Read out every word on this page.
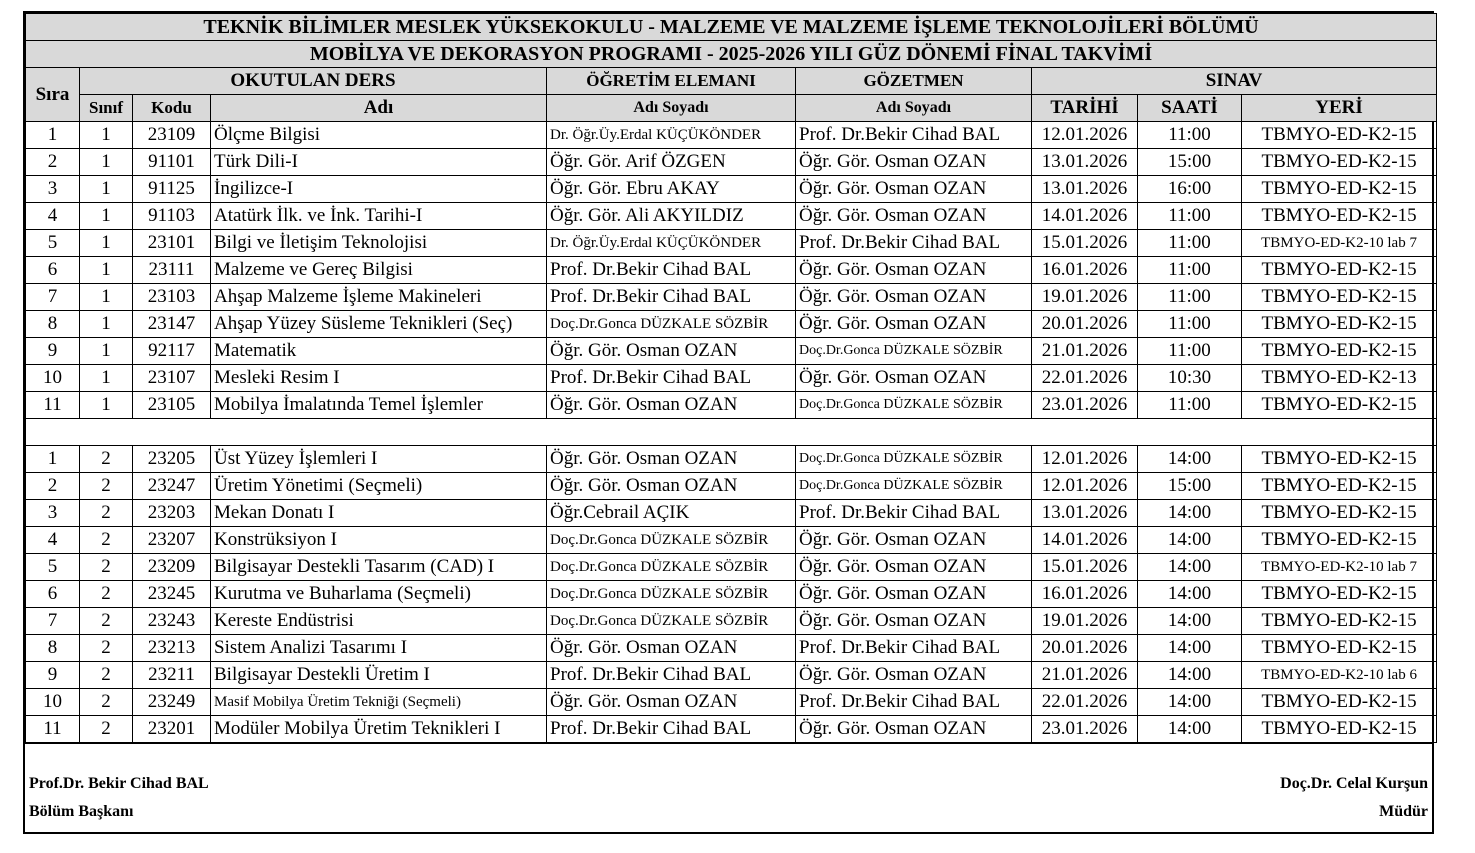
TEKNİK BİLİMLER MESLEK YÜKSEKOKULU - MALZEME VE MALZEME İŞLEME TEKNOLOJİLERİ BÖLÜMÜ								
MOBİLYA VE DEKORASYON PROGRAMI - 2025-2026 YILI GÜZ DÖNEMİ FİNAL TAKVİMİ								
Sıra	OKUTULAN DERS			ÖĞRETİM ELEMANI	GÖZETMEN	SINAV		
	Sınıf	Kodu	Adı	Adı Soyadı	Adı Soyadı	TARİHİ	SAATİ	YERİ
1	1	23109	Ölçme Bilgisi	Dr. Öğr.Üy.Erdal KÜÇÜKÖNDER	Prof. Dr.Bekir Cihad BAL	12.01.2026	11:00	TBMYO-ED-K2-15
2	1	91101	Türk Dili-I	Öğr. Gör. Arif ÖZGEN	Öğr. Gör. Osman OZAN	13.01.2026	15:00	TBMYO-ED-K2-15
3	1	91125	İngilizce-I	Öğr. Gör. Ebru AKAY	Öğr. Gör. Osman OZAN	13.01.2026	16:00	TBMYO-ED-K2-15
4	1	91103	Atatürk İlk. ve İnk. Tarihi-I	Öğr. Gör. Ali AKYILDIZ	Öğr. Gör. Osman OZAN	14.01.2026	11:00	TBMYO-ED-K2-15
5	1	23101	Bilgi ve İletişim Teknolojisi	Dr. Öğr.Üy.Erdal KÜÇÜKÖNDER	Prof. Dr.Bekir Cihad BAL	15.01.2026	11:00	TBMYO-ED-K2-10 lab 7
6	1	23111	Malzeme ve Gereç Bilgisi	Prof. Dr.Bekir Cihad BAL	Öğr. Gör. Osman OZAN	16.01.2026	11:00	TBMYO-ED-K2-15
7	1	23103	Ahşap Malzeme İşleme Makineleri	Prof. Dr.Bekir Cihad BAL	Öğr. Gör. Osman OZAN	19.01.2026	11:00	TBMYO-ED-K2-15
8	1	23147	Ahşap Yüzey Süsleme Teknikleri (Seç)	Doç.Dr.Gonca DÜZKALE SÖZBİR	Öğr. Gör. Osman OZAN	20.01.2026	11:00	TBMYO-ED-K2-15
9	1	92117	Matematik	Öğr. Gör. Osman OZAN	Doç.Dr.Gonca DÜZKALE SÖZBİR	21.01.2026	11:00	TBMYO-ED-K2-15
10	1	23107	Mesleki Resim I	Prof. Dr.Bekir Cihad BAL	Öğr. Gör. Osman OZAN	22.01.2026	10:30	TBMYO-ED-K2-13
11	1	23105	Mobilya İmalatında Temel İşlemler	Öğr. Gör. Osman OZAN	Doç.Dr.Gonca DÜZKALE SÖZBİR	23.01.2026	11:00	TBMYO-ED-K2-15

1	2	23205	Üst Yüzey İşlemleri I	Öğr. Gör. Osman OZAN	Doç.Dr.Gonca DÜZKALE SÖZBİR	12.01.2026	14:00	TBMYO-ED-K2-15
2	2	23247	Üretim Yönetimi (Seçmeli)	Öğr. Gör. Osman OZAN	Doç.Dr.Gonca DÜZKALE SÖZBİR	12.01.2026	15:00	TBMYO-ED-K2-15
3	2	23203	Mekan Donatı I	Öğr.Cebrail AÇIK	Prof. Dr.Bekir Cihad BAL	13.01.2026	14:00	TBMYO-ED-K2-15
4	2	23207	Konstrüksiyon I	Doç.Dr.Gonca DÜZKALE SÖZBİR	Öğr. Gör. Osman OZAN	14.01.2026	14:00	TBMYO-ED-K2-15
5	2	23209	Bilgisayar Destekli Tasarım (CAD) I	Doç.Dr.Gonca DÜZKALE SÖZBİR	Öğr. Gör. Osman OZAN	15.01.2026	14:00	TBMYO-ED-K2-10 lab 7
6	2	23245	Kurutma ve Buharlama (Seçmeli)	Doç.Dr.Gonca DÜZKALE SÖZBİR	Öğr. Gör. Osman OZAN	16.01.2026	14:00	TBMYO-ED-K2-15
7	2	23243	Kereste Endüstrisi	Doç.Dr.Gonca DÜZKALE SÖZBİR	Öğr. Gör. Osman OZAN	19.01.2026	14:00	TBMYO-ED-K2-15
8	2	23213	Sistem Analizi Tasarımı I	Öğr. Gör. Osman OZAN	Prof. Dr.Bekir Cihad BAL	20.01.2026	14:00	TBMYO-ED-K2-15
9	2	23211	Bilgisayar Destekli Üretim I	Prof. Dr.Bekir Cihad BAL	Öğr. Gör. Osman OZAN	21.01.2026	14:00	TBMYO-ED-K2-10 lab 6
10	2	23249	Masif Mobilya Üretim Tekniği (Seçmeli)	Öğr. Gör. Osman OZAN	Prof. Dr.Bekir Cihad BAL	22.01.2026	14:00	TBMYO-ED-K2-15
11	2	23201	Modüler Mobilya Üretim Teknikleri I	Prof. Dr.Bekir Cihad BAL	Öğr. Gör. Osman OZAN	23.01.2026	14:00	TBMYO-ED-K2-15
Prof.Dr. Bekir Cihad BAL
Bölüm Başkanı
Doç.Dr. Celal Kurşun
Müdür
